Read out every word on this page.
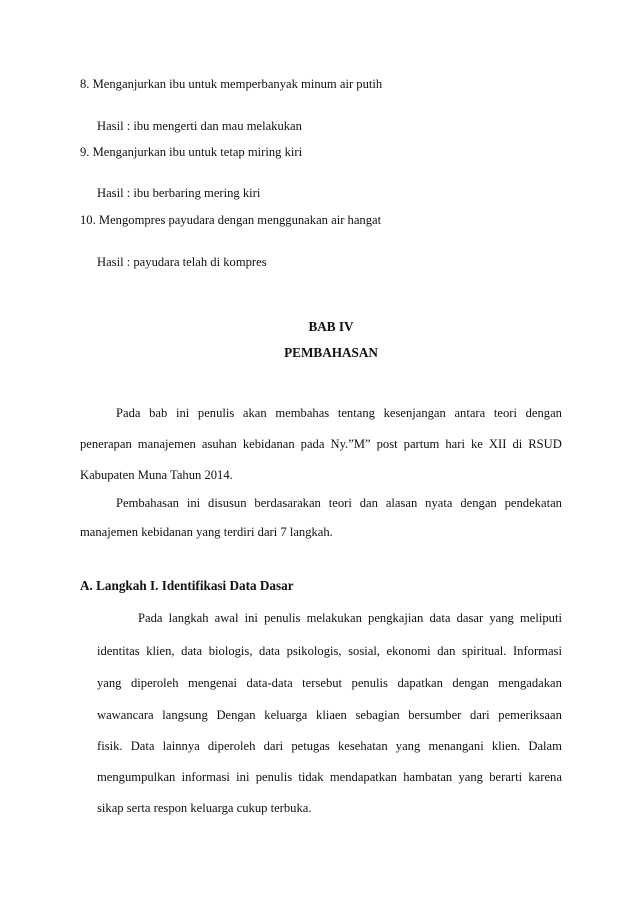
8. Menganjurkan ibu untuk memperbanyak minum air putih
Hasil : ibu mengerti dan mau melakukan
9. Menganjurkan ibu untuk tetap miring kiri
Hasil : ibu berbaring mering kiri
10. Mengompres payudara dengan menggunakan air hangat
Hasil : payudara telah di kompres
BAB IV
PEMBAHASAN
Pada bab ini penulis akan membahas tentang kesenjangan antara teori dengan
penerapan manajemen asuhan kebidanan pada Ny.”M” post partum hari ke XII di RSUD
Kabupaten Muna Tahun 2014.
Pembahasan ini disusun berdasarakan teori dan alasan nyata dengan pendekatan
manajemen kebidanan yang terdiri dari 7 langkah.
A. Langkah I. Identifikasi Data Dasar
Pada langkah awal ini penulis melakukan pengkajian data dasar yang meliputi
identitas klien, data biologis, data psikologis, sosial, ekonomi dan spiritual. Informasi
yang diperoleh mengenai data-data tersebut penulis dapatkan dengan mengadakan
wawancara langsung Dengan keluarga kliaen sebagian bersumber dari pemeriksaan
fisik. Data lainnya diperoleh dari petugas kesehatan yang menangani klien. Dalam
mengumpulkan informasi ini penulis tidak mendapatkan hambatan yang berarti karena
sikap serta respon keluarga cukup terbuka.
